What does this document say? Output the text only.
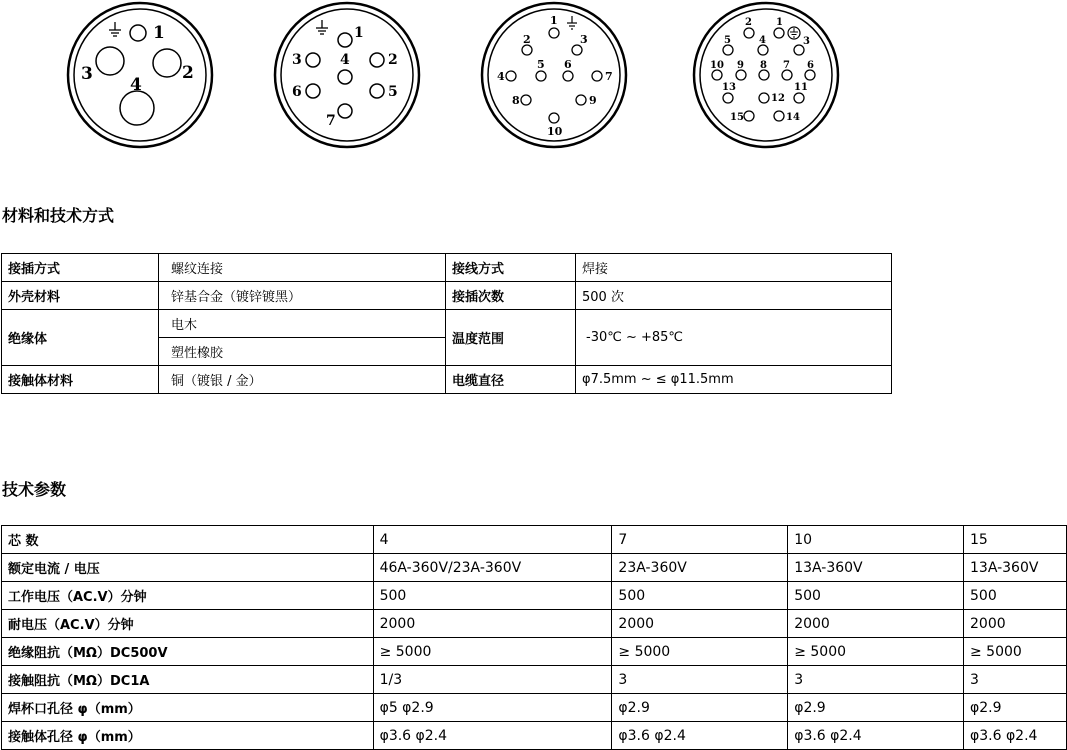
1
3	2
4
1
3	2
4
6	5
7
1
2	3
4
5 6
7
8	9
10
1
2
3
4
5
6
7
8
9
10
11
12
13
14
15
材料和技术方式
接插方式	螺纹连接	接线方式	焊接
外壳材料	锌基合金（镀锌镀黑）	接插次数	500 次
绝缘体	电木	温度范围	-30℃ ~ +85℃
	塑性橡胶		
接触体材料	铜（镀银 / 金）	电缆直径	φ7.5mm ~ ≤ φ11.5mm
技术参数
芯 数	4	7	10	15
额定电流 / 电压	46A-360V/23A-360V	23A-360V	13A-360V	13A-360V
工作电压（AC.V）分钟	500	500	500	500
耐电压（AC.V）分钟	2000	2000	2000	2000
绝缘阻抗（MΩ）DC500V	≥ 5000	≥ 5000	≥ 5000	≥ 5000
接触阻抗（MΩ）DC1A	1/3	3	3	3
焊杯口孔径 φ（mm）	φ5 φ2.9	φ2.9	φ2.9	φ2.9
接触体孔径 φ（mm）	φ3.6 φ2.4	φ3.6 φ2.4	φ3.6 φ2.4	φ3.6 φ2.4
